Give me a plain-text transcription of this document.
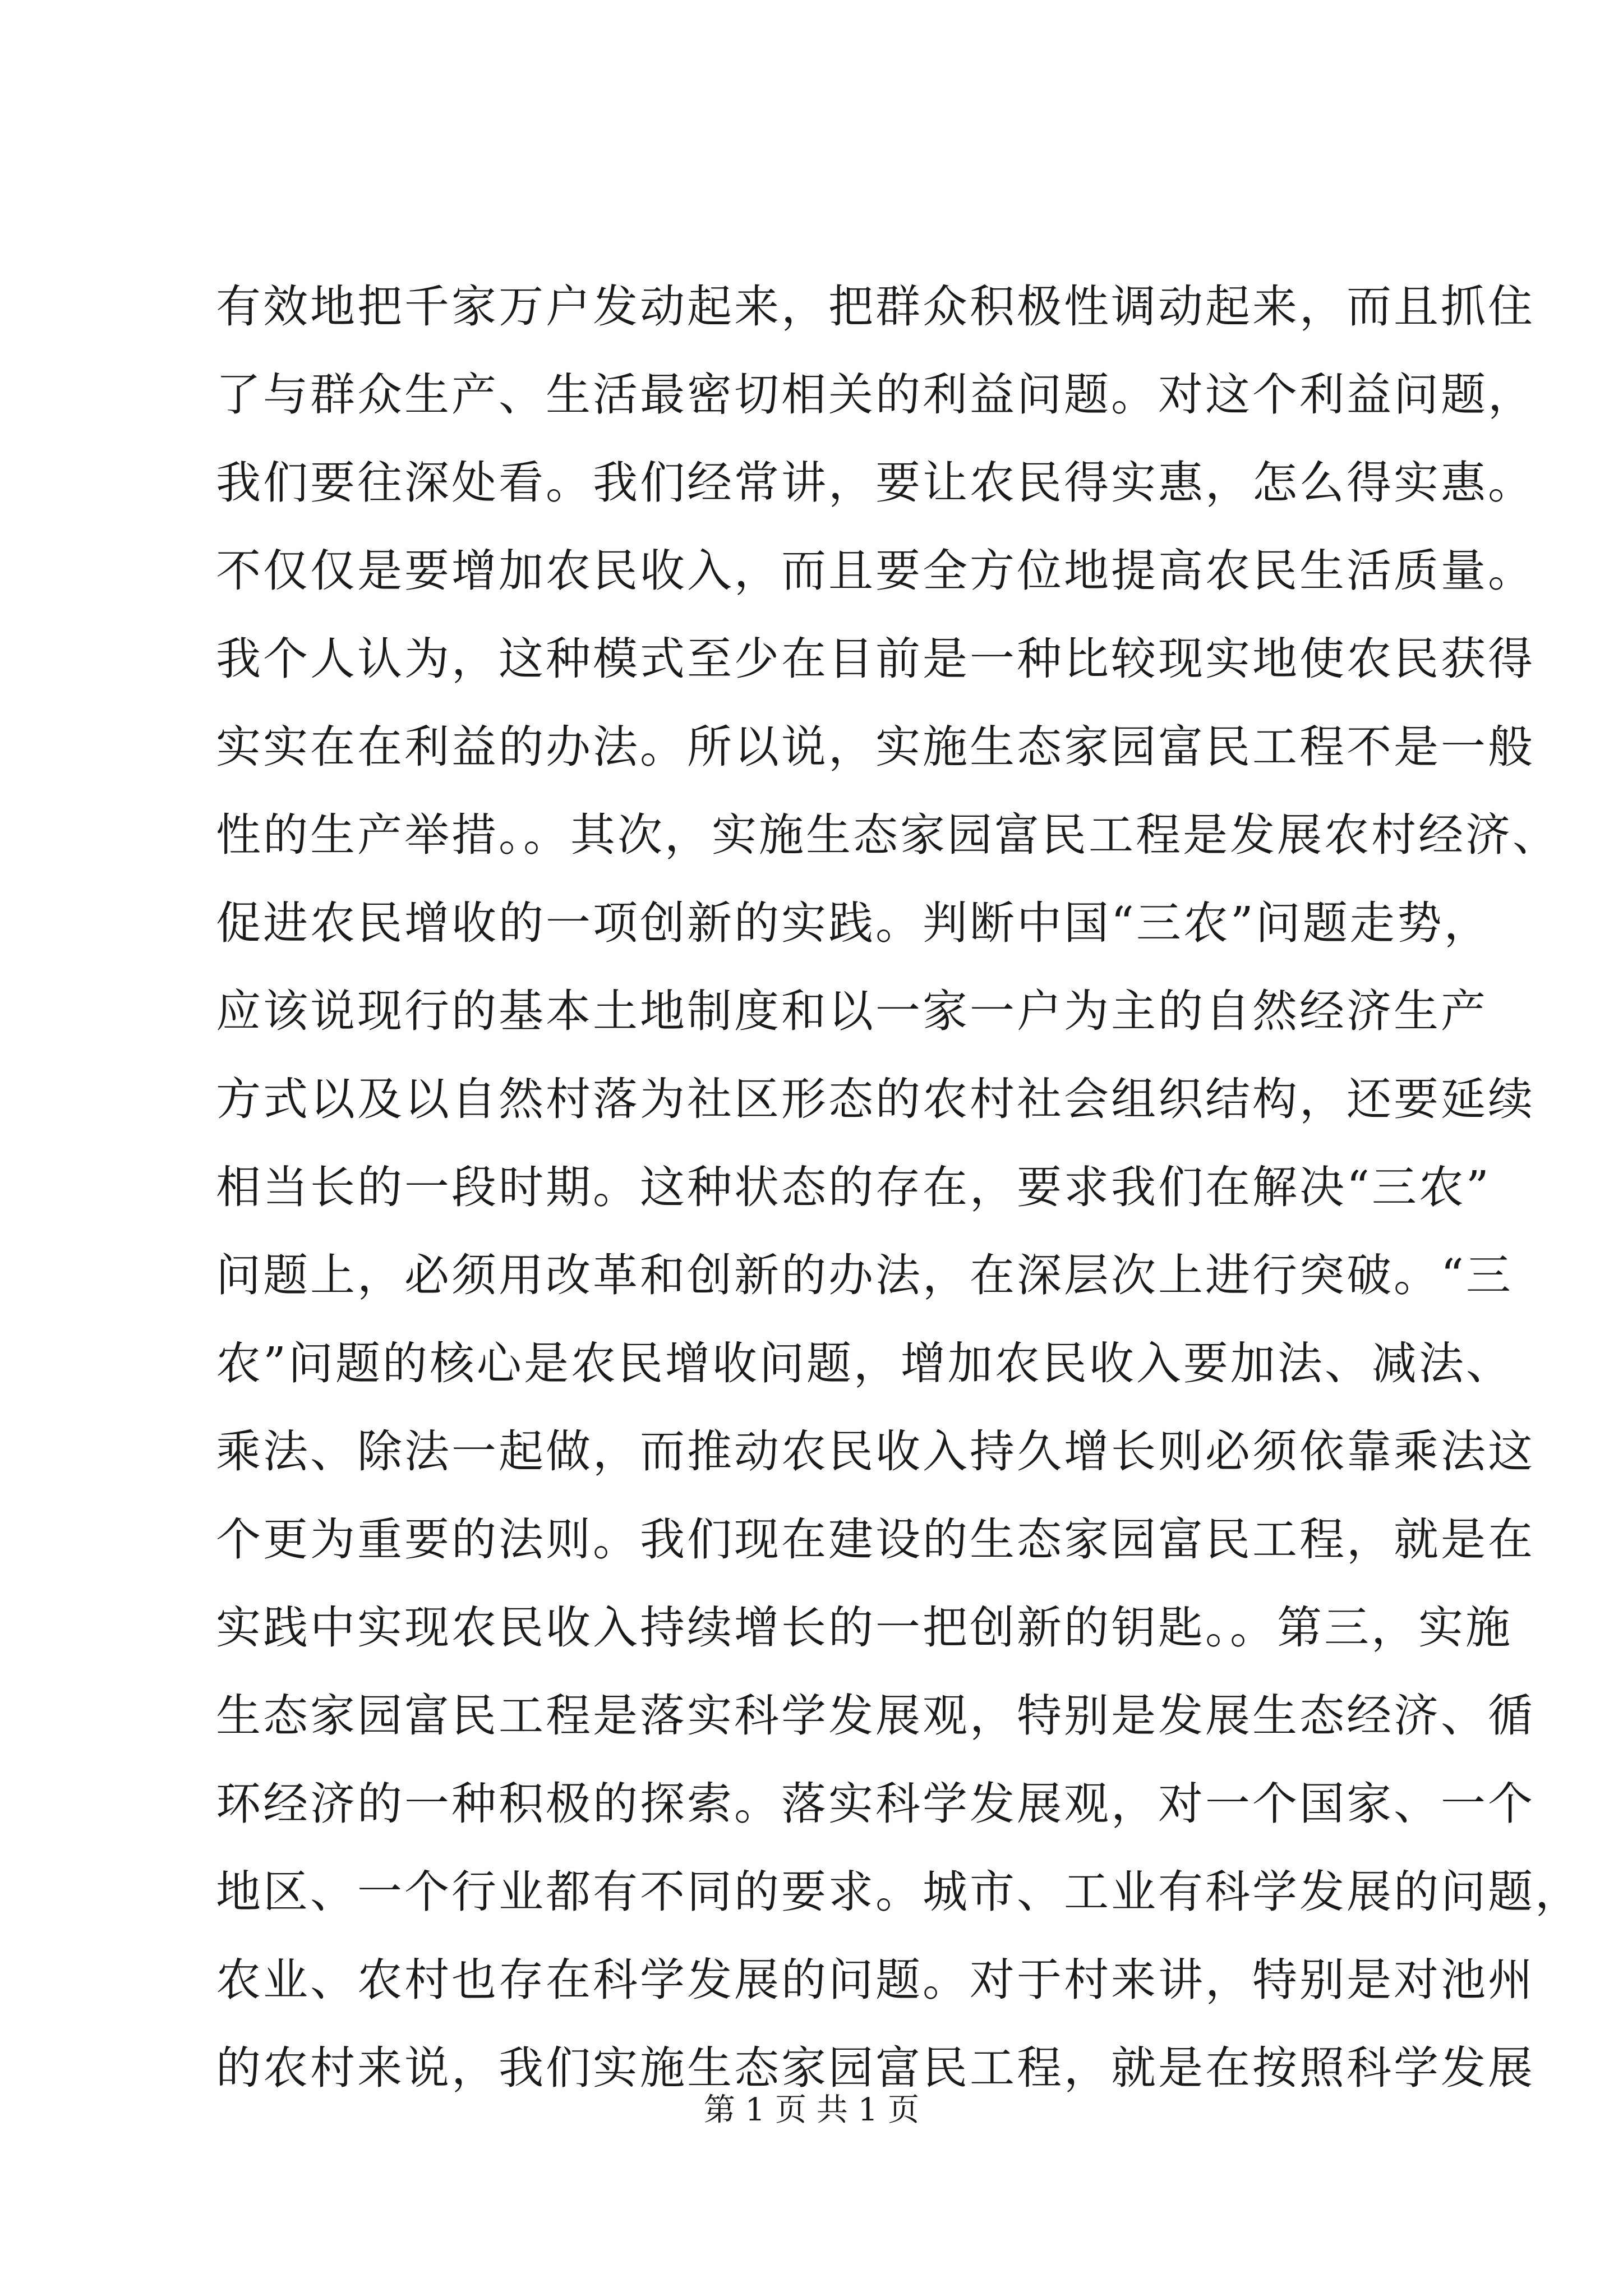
有效地把千家万户发动起来，把群众积极性调动起来，而且抓住
了与群众生产、生活最密切相关的利益问题。对这个利益问题，
我们要往深处看。我们经常讲，要让农民得实惠，怎么得实惠。
不仅仅是要增加农民收入，而且要全方位地提高农民生活质量。
我个人认为，这种模式至少在目前是一种比较现实地使农民获得
实实在在利益的办法。所以说，实施生态家园富民工程不是一般
性的生产举措。。其次，实施生态家园富民工程是发展农村经济、
促进农民增收的一项创新的实践。判断中国“三农”问题走势，
应该说现行的基本土地制度和以一家一户为主的自然经济生产
方式以及以自然村落为社区形态的农村社会组织结构，还要延续
相当长的一段时期。这种状态的存在，要求我们在解决“三农”
问题上，必须用改革和创新的办法，在深层次上进行突破。“三
农”问题的核心是农民增收问题，增加农民收入要加法、减法、
乘法、除法一起做，而推动农民收入持久增长则必须依靠乘法这
个更为重要的法则。我们现在建设的生态家园富民工程，就是在
实践中实现农民收入持续增长的一把创新的钥匙。。第三，实施
生态家园富民工程是落实科学发展观，特别是发展生态经济、循
环经济的一种积极的探索。落实科学发展观，对一个国家、一个
地区、一个行业都有不同的要求。城市、工业有科学发展的问题，
农业、农村也存在科学发展的问题。对于村来讲，特别是对池州
的农村来说，我们实施生态家园富民工程，就是在按照科学发展
第 1 页 共 1 页
